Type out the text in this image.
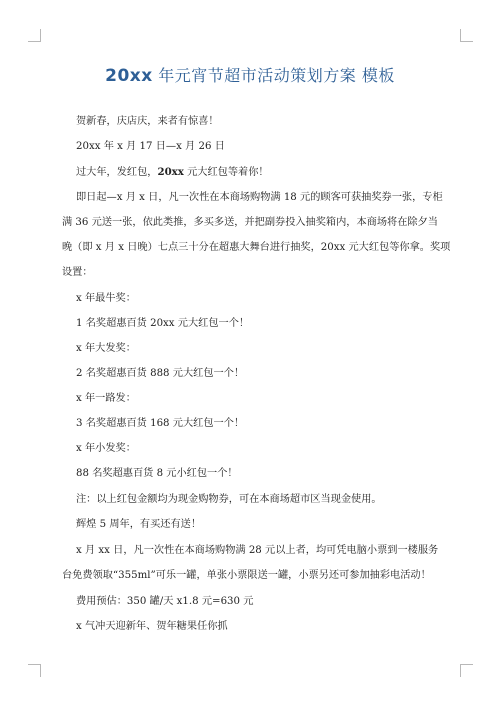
20xx 年元宵节超市活动策划方案 模板
贺新春，庆店庆，来者有惊喜！
20xx 年 x 月 17 日—x 月 26 日
过大年，发红包，20xx 元大红包等着你！
即日起—x 月 x 日，凡一次性在本商场购物满 18 元的顾客可获抽奖券一张，专柜
满 36 元送一张，依此类推，多买多送，并把副券投入抽奖箱内，本商场将在除夕当
晚（即 x 月 x 日晚）七点三十分在超惠大舞台进行抽奖，20xx 元大红包等你拿。奖项
设置：
x 年最牛奖：
1 名奖超惠百货 20xx 元大红包一个！
x 年大发奖：
2 名奖超惠百货 888 元大红包一个！
x 年一路发：
3 名奖超惠百货 168 元大红包一个！
x 年小发奖：
88 名奖超惠百货 8 元小红包一个！
注：以上红包金额均为现金购物券，可在本商场超市区当现金使用。
辉煌 5 周年，有买还有送！
x 月 xx 日，凡一次性在本商场购物满 28 元以上者，均可凭电脑小票到一楼服务
台免费领取“355ml”可乐一罐，单张小票限送一罐，小票另还可参加抽彩电活动！
费用预估：350 罐/天 x1.8 元=630 元
x 气冲天迎新年、贺年糖果任你抓
